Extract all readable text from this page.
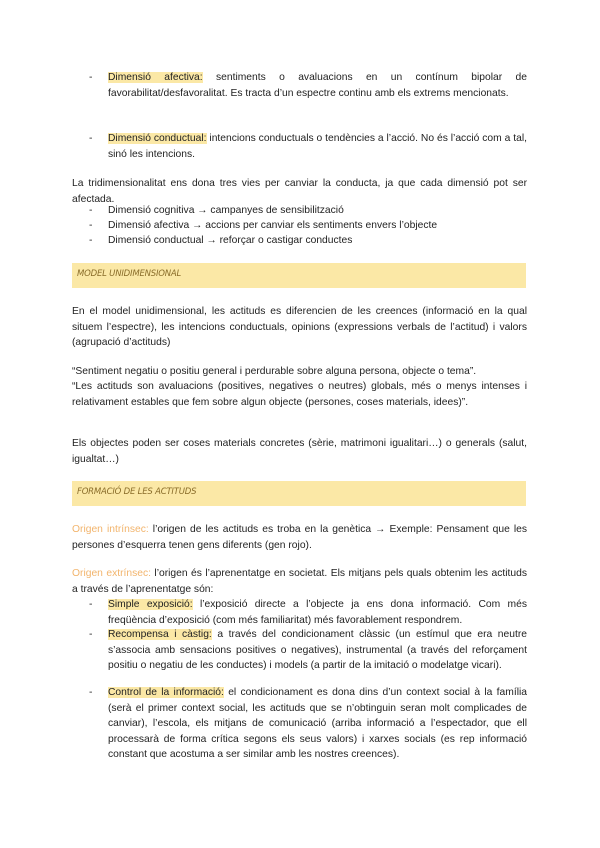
- Dimensió afectiva: sentiments o avaluacions en un contínum bipolar de favorabilitat/desfavoralitat. Es tracta d’un espectre continu amb els extrems mencionats.
- Dimensió conductual: intencions conductuals o tendències a l’acció. No és l’acció com a tal, sinó les intencions.
La tridimensionalitat ens dona tres vies per canviar la conducta, ja que cada dimensió pot ser afectada.
- Dimensió cognitiva → campanyes de sensibilització
- Dimensió afectiva → accions per canviar els sentiments envers l’objecte
- Dimensió conductual → reforçar o castigar conductes
MODEL UNIDIMENSIONAL
En el model unidimensional, les actituds es diferencien de les creences (informació en la qual situem l’espectre), les intencions conductuals, opinions (expressions verbals de l’actitud) i valors (agrupació d’actituds)
“Sentiment negatiu o positiu general i perdurable sobre alguna persona, objecte o tema”.
“Les actituds son avaluacions (positives, negatives o neutres) globals, més o menys intenses i relativament estables que fem sobre algun objecte (persones, coses materials, idees)”.
Els objectes poden ser coses materials concretes (sèrie, matrimoni igualitari…) o generals (salut, igualtat…)
FORMACIÓ DE LES ACTITUDS
Origen intrínsec: l’origen de les actituds es troba en la genètica → Exemple: Pensament que les persones d’esquerra tenen gens diferents (gen rojo).
Origen extrínsec: l’origen és l’aprenentatge en societat. Els mitjans pels quals obtenim les actituds a través de l’aprenentatge són:
- Simple exposició: l’exposició directe a l’objecte ja ens dona informació. Com més freqüència d’exposició (com més familiaritat) més favorablement respondrem.
- Recompensa i càstig: a través del condicionament clàssic (un estímul que era neutre s’associa amb sensacions positives o negatives), instrumental (a través del reforçament positiu o negatiu de les conductes) i models (a partir de la imitació o modelatge vicari).
- Control de la informació: el condicionament es dona dins d’un context social à la família (serà el primer context social, les actituds que se n’obtinguin seran molt complicades de canviar), l’escola, els mitjans de comunicació (arriba informació a l’espectador, que ell processarà de forma crítica segons els seus valors) i xarxes socials (es rep informació constant que acostuma a ser similar amb les nostres creences).
